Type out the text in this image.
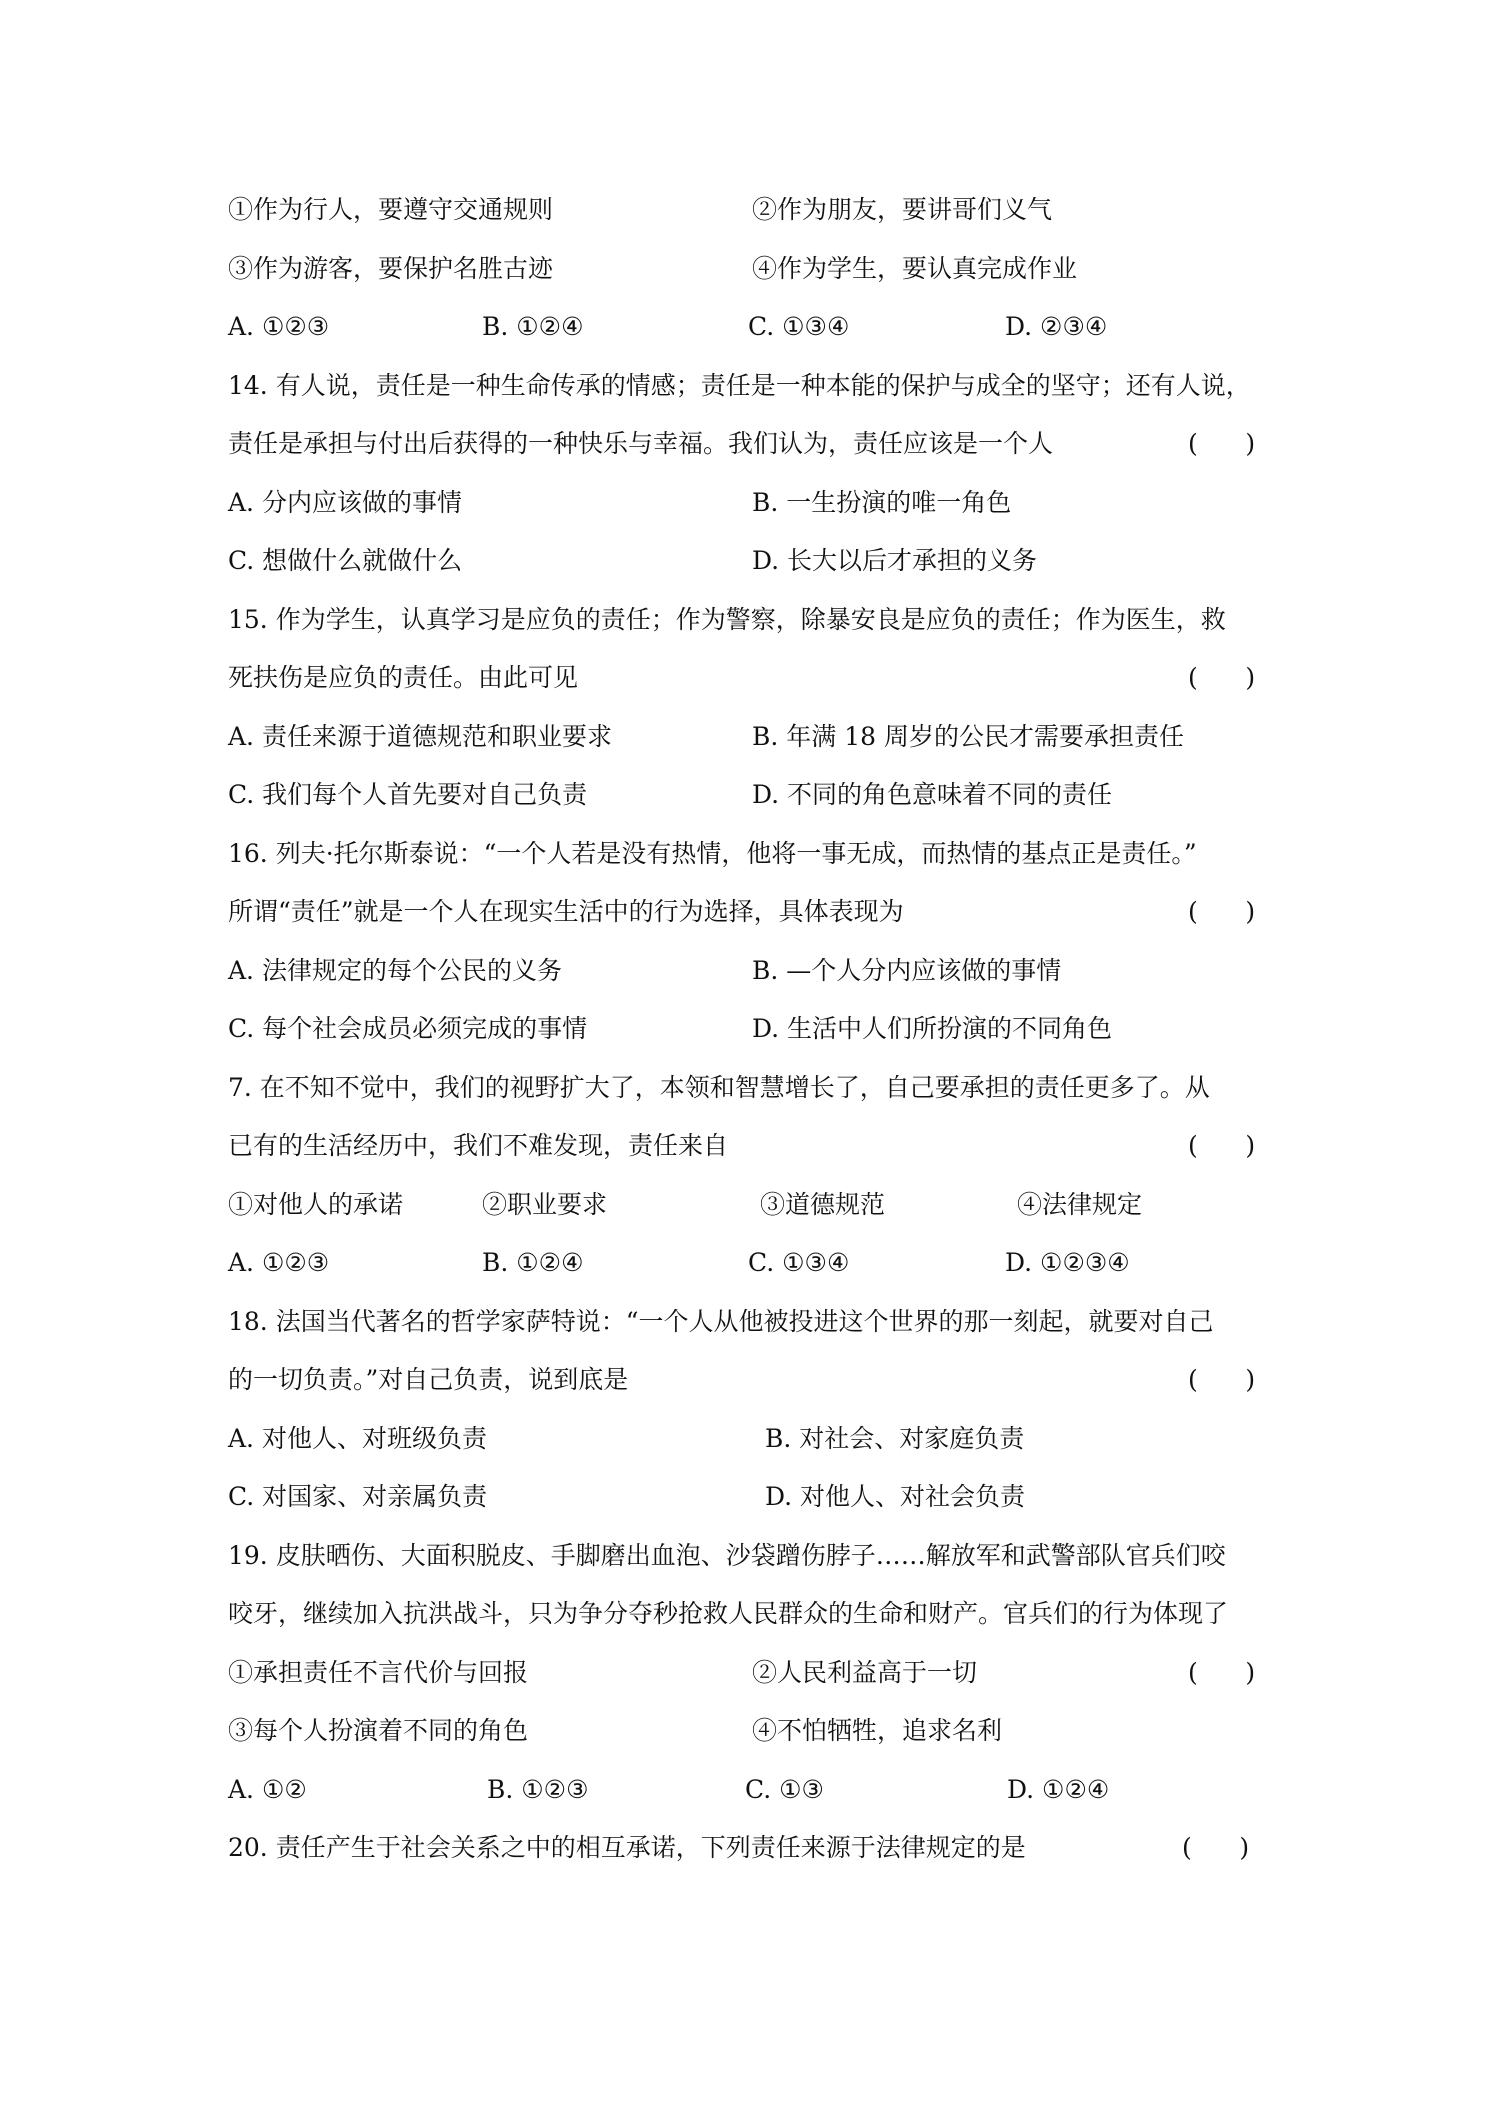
①作为行人，要遵守交通规则	②作为朋友，要讲哥们义气
③作为游客，要保护名胜古迹	④作为学生，要认真完成作业
A. ①②③	B. ①②④	C. ①③④	D. ②③④
14. 有人说，责任是一种生命传承的情感；责任是一种本能的保护与成全的坚守；还有人说，
责任是承担与付出后获得的一种快乐与幸福。我们认为，责任应该是一个人	(      )
A. 分内应该做的事情	B. 一生扮演的唯一角色
C. 想做什么就做什么	D. 长大以后才承担的义务
15. 作为学生，认真学习是应负的责任；作为警察，除暴安良是应负的责任；作为医生，救
死扶伤是应负的责任。由此可见	(      )
A. 责任来源于道德规范和职业要求	B. 年满 18 周岁的公民才需要承担责任
C. 我们每个人首先要对自己负责	D. 不同的角色意味着不同的责任
16. 列夫·托尔斯泰说：“一个人若是没有热情，他将一事无成，而热情的基点正是责任。”
所谓“责任”就是一个人在现实生活中的行为选择，具体表现为	(      )
A. 法律规定的每个公民的义务	B. —个人分内应该做的事情
C. 每个社会成员必须完成的事情	D. 生活中人们所扮演的不同角色
7. 在不知不觉中，我们的视野扩大了，本领和智慧增长了，自己要承担的责任更多了。从
已有的生活经历中，我们不难发现，责任来自	(      )
①对他人的承诺	②职业要求	③道德规范	④法律规定
A. ①②③	B. ①②④	C. ①③④	D. ①②③④
18. 法国当代著名的哲学家萨特说：“一个人从他被投进这个世界的那一刻起，就要对自己
的一切负责。”对自己负责，说到底是	(      )
A. 对他人、对班级负责	B. 对社会、对家庭负责
C. 对国家、对亲属负责	D. 对他人、对社会负责
19. 皮肤晒伤、大面积脱皮、手脚磨出血泡、沙袋蹭伤脖子……解放军和武警部队官兵们咬
咬牙，继续加入抗洪战斗，只为争分夺秒抢救人民群众的生命和财产。官兵们的行为体现了
①承担责任不言代价与回报	②人民利益高于一切	(      )
③每个人扮演着不同的角色	④不怕牺牲，追求名利
A. ①②	B. ①②③	C. ①③	D. ①②④
20. 责任产生于社会关系之中的相互承诺，下列责任来源于法律规定的是	(      )
